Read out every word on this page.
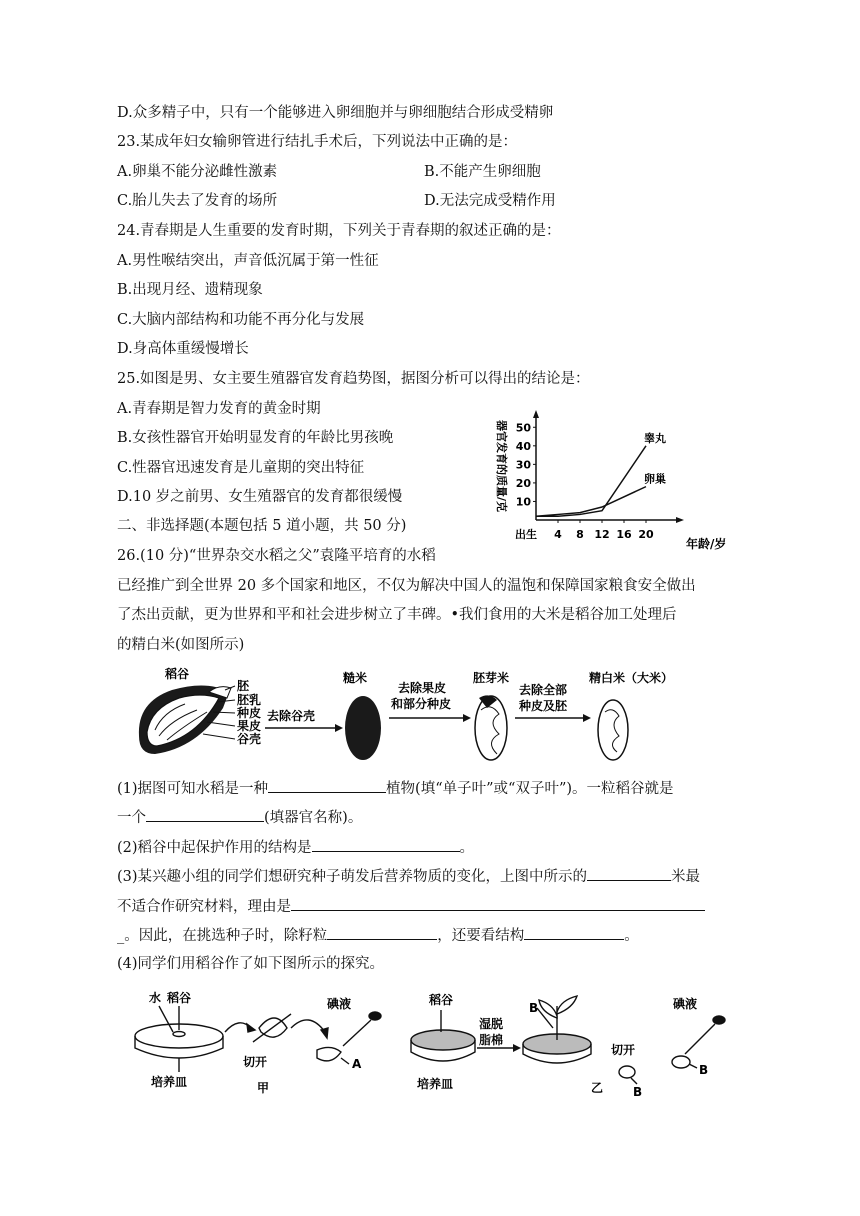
D.众多精子中，只有一个能够进入卵细胞并与卵细胞结合形成受精卵
23.某成年妇女输卵管进行结扎手术后，下列说法中正确的是：
A.卵巢不能分泌雌性激素	B.不能产生卵细胞
C.胎儿失去了发育的场所	D.无法完成受精作用
24.青春期是人生重要的发育时期，下列关于青春期的叙述正确的是：
A.男性喉结突出，声音低沉属于第一性征
B.出现月经、遗精现象
C.大脑内部结构和功能不再分化与发展
D.身高体重缓慢增长
25.如图是男、女主要生殖器官发育趋势图，据图分析可以得出的结论是：
A.青春期是智力发育的黄金时期
B.女孩性器官开始明显发育的年龄比男孩晚
C.性器官迅速发育是儿童期的突出特征
D.10 岁之前男、女生殖器官的发育都很缓慢
二、非选择题(本题包括 5 道小题，共 50 分)
26.(10 分)“世界杂交水稻之父”袁隆平培育的水稻
已经推广到全世界 20 多个国家和地区，不仅为解决中国人的温饱和保障国家粮食安全做出
了杰出贡献，更为世界和平和社会进步树立了丰碑。•我们食用的大米是稻谷加工处理后
的精白米(如图所示)
(1)据图可知水稻是一种	植物(填“单子叶”或“双子叶”)。一粒稻谷就是
一个	(填器官名称)。
(2)稻谷中起保护作用的结构是	。
(3)某兴趣小组的同学们想研究种子萌发后营养物质的变化，上图中所示的	米最
不适合作研究材料，理由是
_。因此，在挑选种子时，除籽粒	，还要看结构	。
(4)同学们用稻谷作了如下图所示的探究。
器官发育的质量/克 10
20
30
40
50
出生 4 8 12 16 20
睾丸
卵巢
年龄/岁
稻谷
胚
胚乳
种皮
果皮
谷壳
去除谷壳
糙米
去除果皮
和部分种皮
胚芽米
去除全部
种皮及胚
精白米（大米）
水 稻谷
培养皿
切开
碘液
A
甲
稻谷
培养皿
湿脱
脂棉
B
切开
B
碘液
B
乙
